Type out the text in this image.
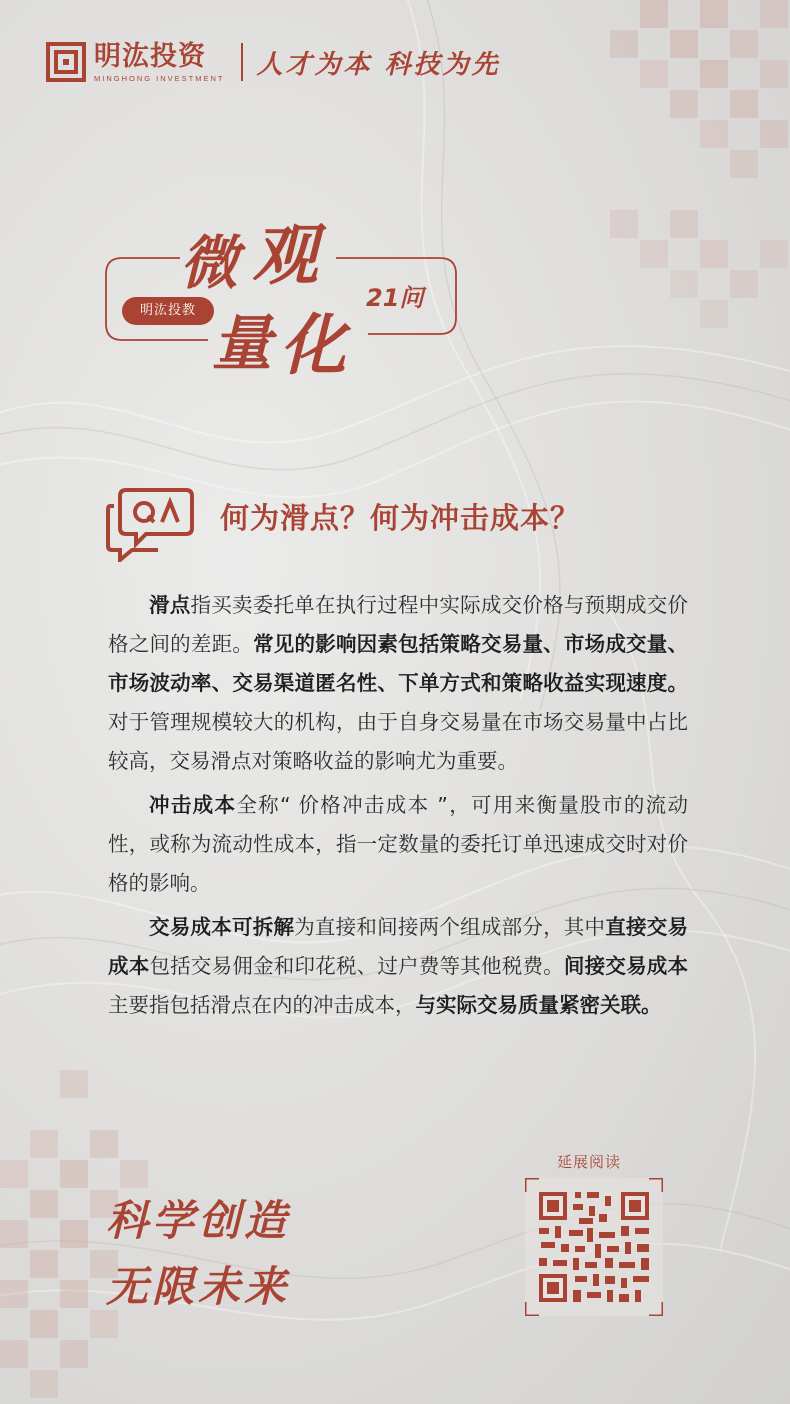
明汯投资
MINGHONG INVESTMENT 人才为本 科技为先
微 观
量 化
明汯投教	21问
何为滑点？何为冲击成本？

滑点指买卖委托单在执行过程中实际成交价格与预期成交价格之间的差距。常见的影响因素包括策略交易量、市场成交量、市场波动率、交易渠道匿名性、下单方式和策略收益实现速度。对于管理规模较大的机构，由于自身交易量在市场交易量中占比较高，交易滑点对策略收益的影响尤为重要。

冲击成本全称“ 价格冲击成本 ”，可用来衡量股市的流动性，或称为流动性成本，指一定数量的委托订单迅速成交时对价格的影响。

交易成本可拆解为直接和间接两个组成部分，其中直接交易成本包括交易佣金和印花税、过户费等其他税费。间接交易成本主要指包括滑点在内的冲击成本，与实际交易质量紧密关联。

科学创造
无限未来
延展阅读
